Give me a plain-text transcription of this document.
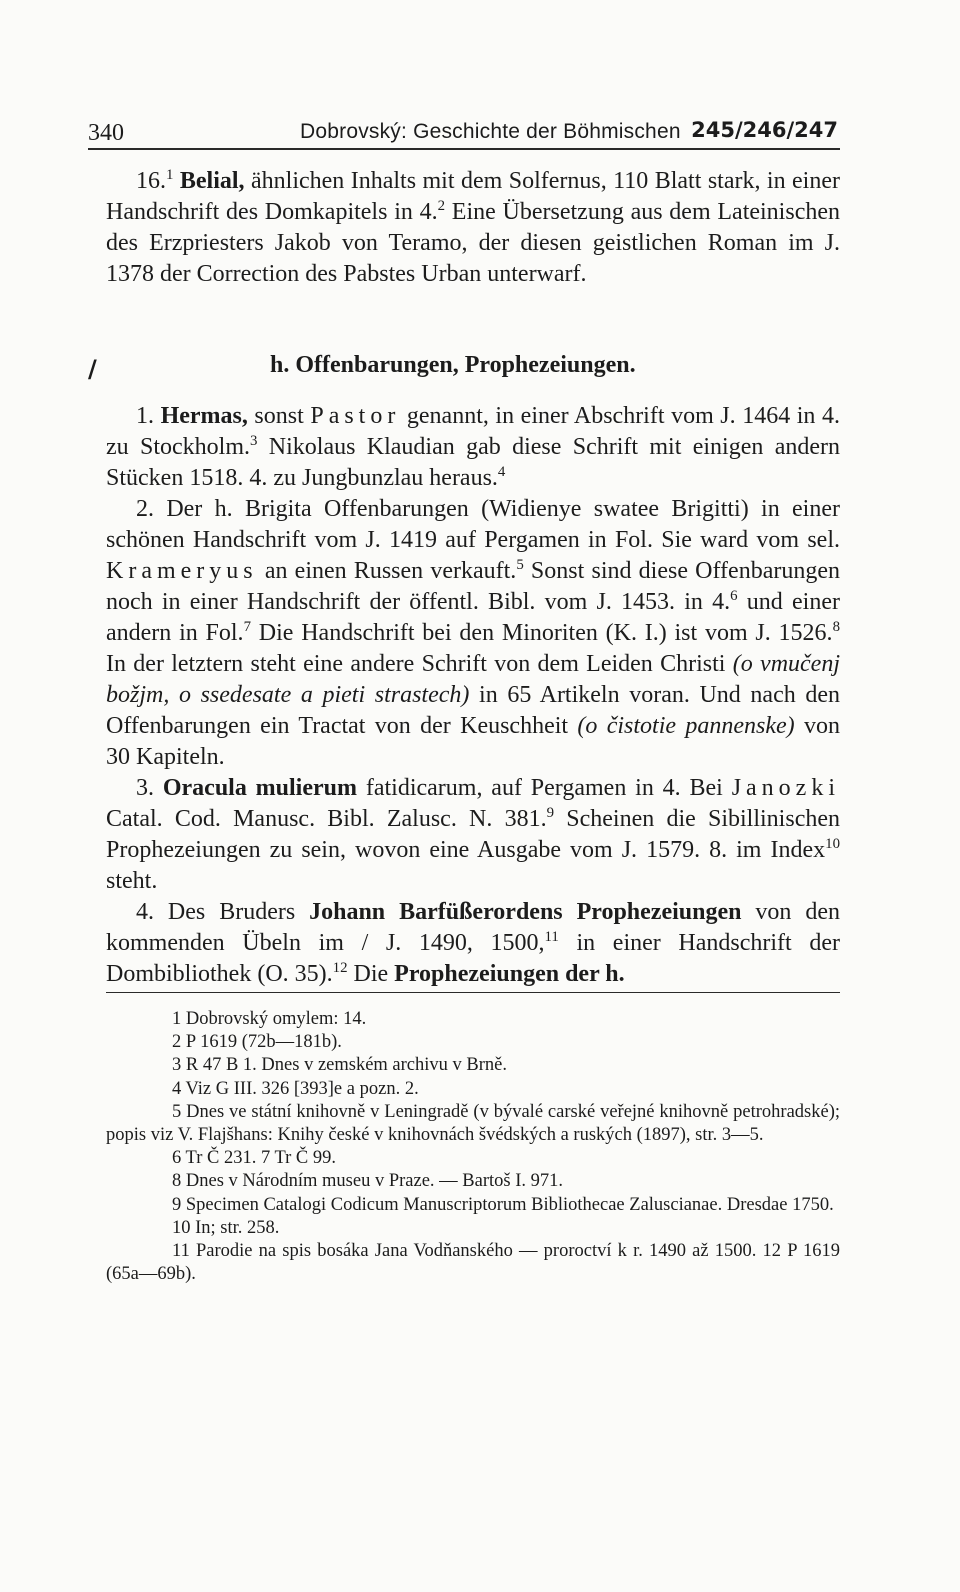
340	Dobrovský: Geschichte der Böhmischen 245/246/247
/	h. Offenbarungen, Prophezeiungen.

16.$^1$ Belial, ähnlichen Inhalts mit dem Solfernus, 110 Blatt stark, in einer Handschrift des Domkapitels in 4.$^2$ Eine Übersetzung aus dem Lateinischen des Erzpriesters Jakob von Teramo, der diesen geistlichen Roman im J. 1378 der Correction des Pabstes Urban unterwarf.

1. Hermas, sonst Pastor genannt, in einer Abschrift vom J. 1464 in 4. zu Stockholm.$^3$ Nikolaus Klaudian gab diese Schrift mit einigen andern Stücken 1518. 4. zu Jungbunzlau heraus.$^4$

2. Der h. Brigita Offenbarungen (Widienye swatee Brigitti) in einer schönen Handschrift vom J. 1419 auf Pergamen in Fol. Sie ward vom sel. Krameryus an einen Russen verkauft.$^5$ Sonst sind diese Offenbarungen noch in einer Handschrift der öffentl. Bibl. vom J. 1453. in 4.$^6$ und einer andern in Fol.$^7$ Die Handschrift bei den Minoriten (K. I.) ist vom J. 1526.$^8$ In der letztern steht eine andere Schrift von dem Leiden Christi (o vmučenj božjm, o ssedesate a pieti strastech) in 65 Artikeln voran. Und nach den Offenbarungen ein Tractat von der Keuschheit (o čistotie pannenske) von 30 Kapiteln.

3. Oracula mulierum fatidicarum, auf Pergamen in 4. Bei Janozki Catal. Cod. Manusc. Bibl. Zalusc. N. 381.$^9$ Scheinen die Sibillinischen Prophezeiungen zu sein, wovon eine Ausgabe vom J. 1579. 8. im Index$^{10}$ steht.

4. Des Bruders Johann Barfüßerordens Prophezeiungen von den kommenden Übeln im / J. 1490, 1500,11 in einer Handschrift der Dombibliothek (O. 35).$^{12}$ Die Prophezeiungen der h.

1 Dobrovský omylem: 14.

2 P 1619 (72b—181b).

3 R 47 B 1. Dnes v zemském archivu v Brně.

4 Viz G III. 326 [393]e a pozn. 2.

5 Dnes ve státní knihovně v Leningradě (v bývalé carské veřejné knihovně petrohradské); popis viz V. Flajšhans: Knihy české v knihovnách švédských a ruských (1897), str. 3—5.

6 Tr Č 231. 7 Tr Č 99.

8 Dnes v Národním museu v Praze. — Bartoš I. 971.

9 Specimen Catalogi Codicum Manuscriptorum Bibliothecae Zaluscianae. Dresdae 1750.

10 In; str. 258.

11 Parodie na spis bosáka Jana Vodňanského — proroctví k r. 1490 až 1500. 12 P 1619 (65a—69b).
